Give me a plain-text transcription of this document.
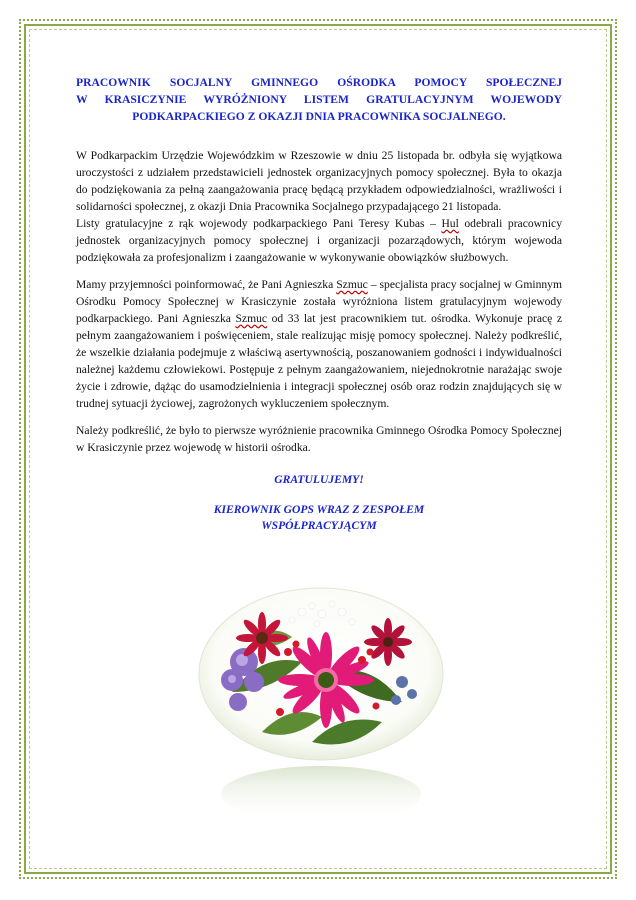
PRACOWNIK SOCJALNY GMINNEGO OŚRODKA POMOCY SPOŁECZNEJ
W KRASICZYNIE WYRÓŻNIONY LISTEM GRATULACYJNYM WOJEWODY
PODKARPACKIEGO Z OKAZJI DNIA PRACOWNIKA SOCJALNEGO.

W Podkarpackim Urzędzie Wojewódzkim w Rzeszowie w dniu 25 listopada br. odbyła się wyjątkowa uroczystości z udziałem przedstawicieli jednostek organizacyjnych pomocy społecznej. Była to okazja do podziękowania za pełną zaangażowania pracę będącą przykładem odpowiedzialności, wrażliwości i solidarności społecznej, z okazji Dnia Pracownika Socjalnego przypadającego 21 listopada.

Listy gratulacyjne z rąk wojewody podkarpackiego Pani Teresy Kubas – Hul odebrali pracownicy jednostek organizacyjnych pomocy społecznej i organizacji pozarządowych, którym wojewoda podziękowała za profesjonalizm i zaangażowanie w wykonywanie obowiązków służbowych.

Mamy przyjemności poinformować, że Pani Agnieszka Szmuc – specjalista pracy socjalnej w Gminnym Ośrodku Pomocy Społecznej w Krasiczynie została wyróżniona listem gratulacyjnym wojewody podkarpackiego. Pani Agnieszka Szmuc od 33 lat jest pracownikiem tut. ośrodka. Wykonuje pracę z pełnym zaangażowaniem i poświęceniem, stale realizując misję pomocy społecznej. Należy podkreślić, że wszelkie działania podejmuje z właściwą asertywnością, poszanowaniem godności i indywidualności należnej każdemu człowiekowi. Postępuje z pełnym zaangażowaniem, niejednokrotnie narażając swoje życie i zdrowie, dążąc do usamodzielnienia i integracji społecznej osób oraz rodzin znajdujących się w trudnej sytuacji życiowej, zagrożonych wykluczeniem społecznym.

Należy podkreślić, że było to pierwsze wyróżnienie pracownika Gminnego Ośrodka Pomocy Społecznej w Krasiczynie przez wojewodę w historii ośrodka.

GRATULUJEMY!
KIEROWNIK GOPS WRAZ Z ZESPOŁEM
WSPÓŁPRACYJĄCYM
